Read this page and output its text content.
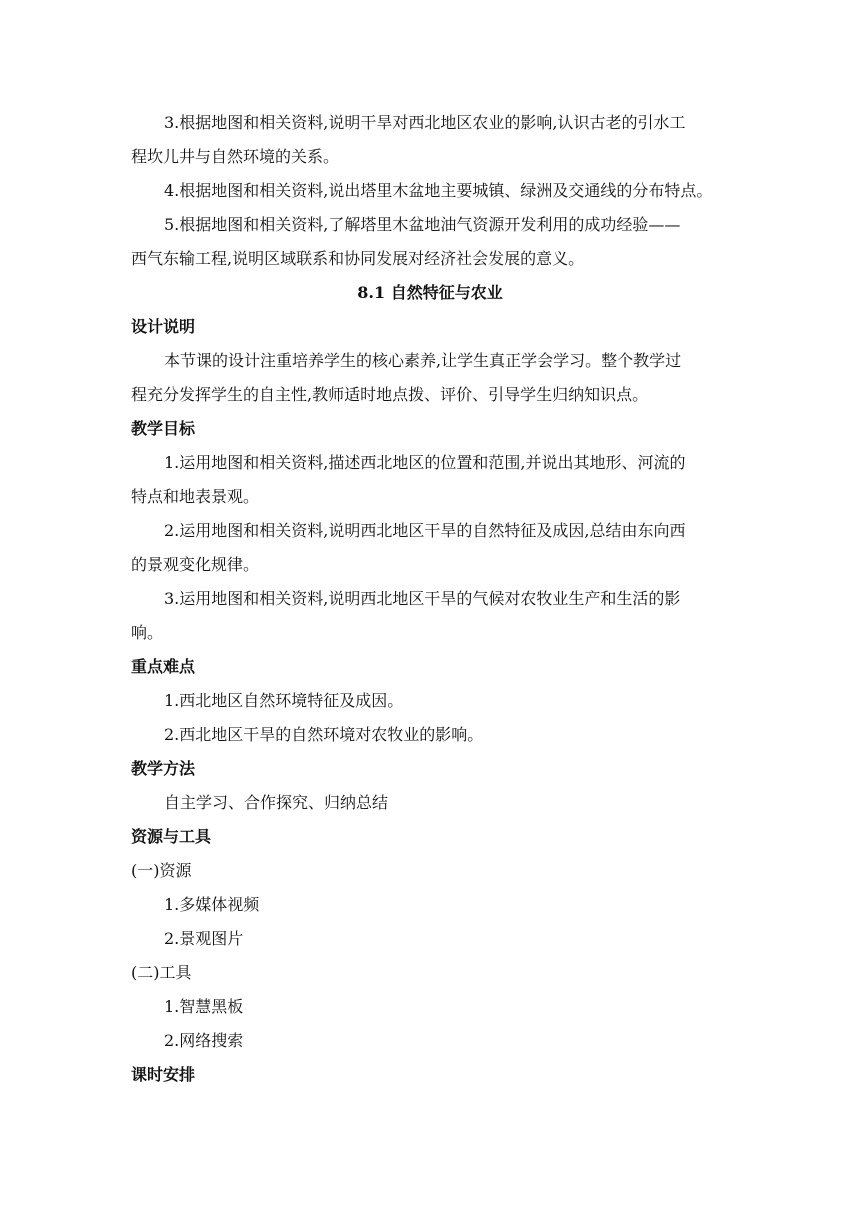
3.根据地图和相关资料,说明干旱对西北地区农业的影响,认识古老的引水工
程坎儿井与自然环境的关系。
4.根据地图和相关资料,说出塔里木盆地主要城镇、绿洲及交通线的分布特点。
5.根据地图和相关资料,了解塔里木盆地油气资源开发利用的成功经验——
西气东输工程,说明区域联系和协同发展对经济社会发展的意义。
8.1 自然特征与农业
设计说明
本节课的设计注重培养学生的核心素养,让学生真正学会学习。整个教学过
程充分发挥学生的自主性,教师适时地点拨、评价、引导学生归纳知识点。
教学目标
1.运用地图和相关资料,描述西北地区的位置和范围,并说出其地形、河流的
特点和地表景观。
2.运用地图和相关资料,说明西北地区干旱的自然特征及成因,总结由东向西
的景观变化规律。
3.运用地图和相关资料,说明西北地区干旱的气候对农牧业生产和生活的影
响。
重点难点
1.西北地区自然环境特征及成因。
2.西北地区干旱的自然环境对农牧业的影响。
教学方法
自主学习、合作探究、归纳总结
资源与工具
(一)资源
1.多媒体视频
2.景观图片
(二)工具
1.智慧黑板
2.网络搜索
课时安排
